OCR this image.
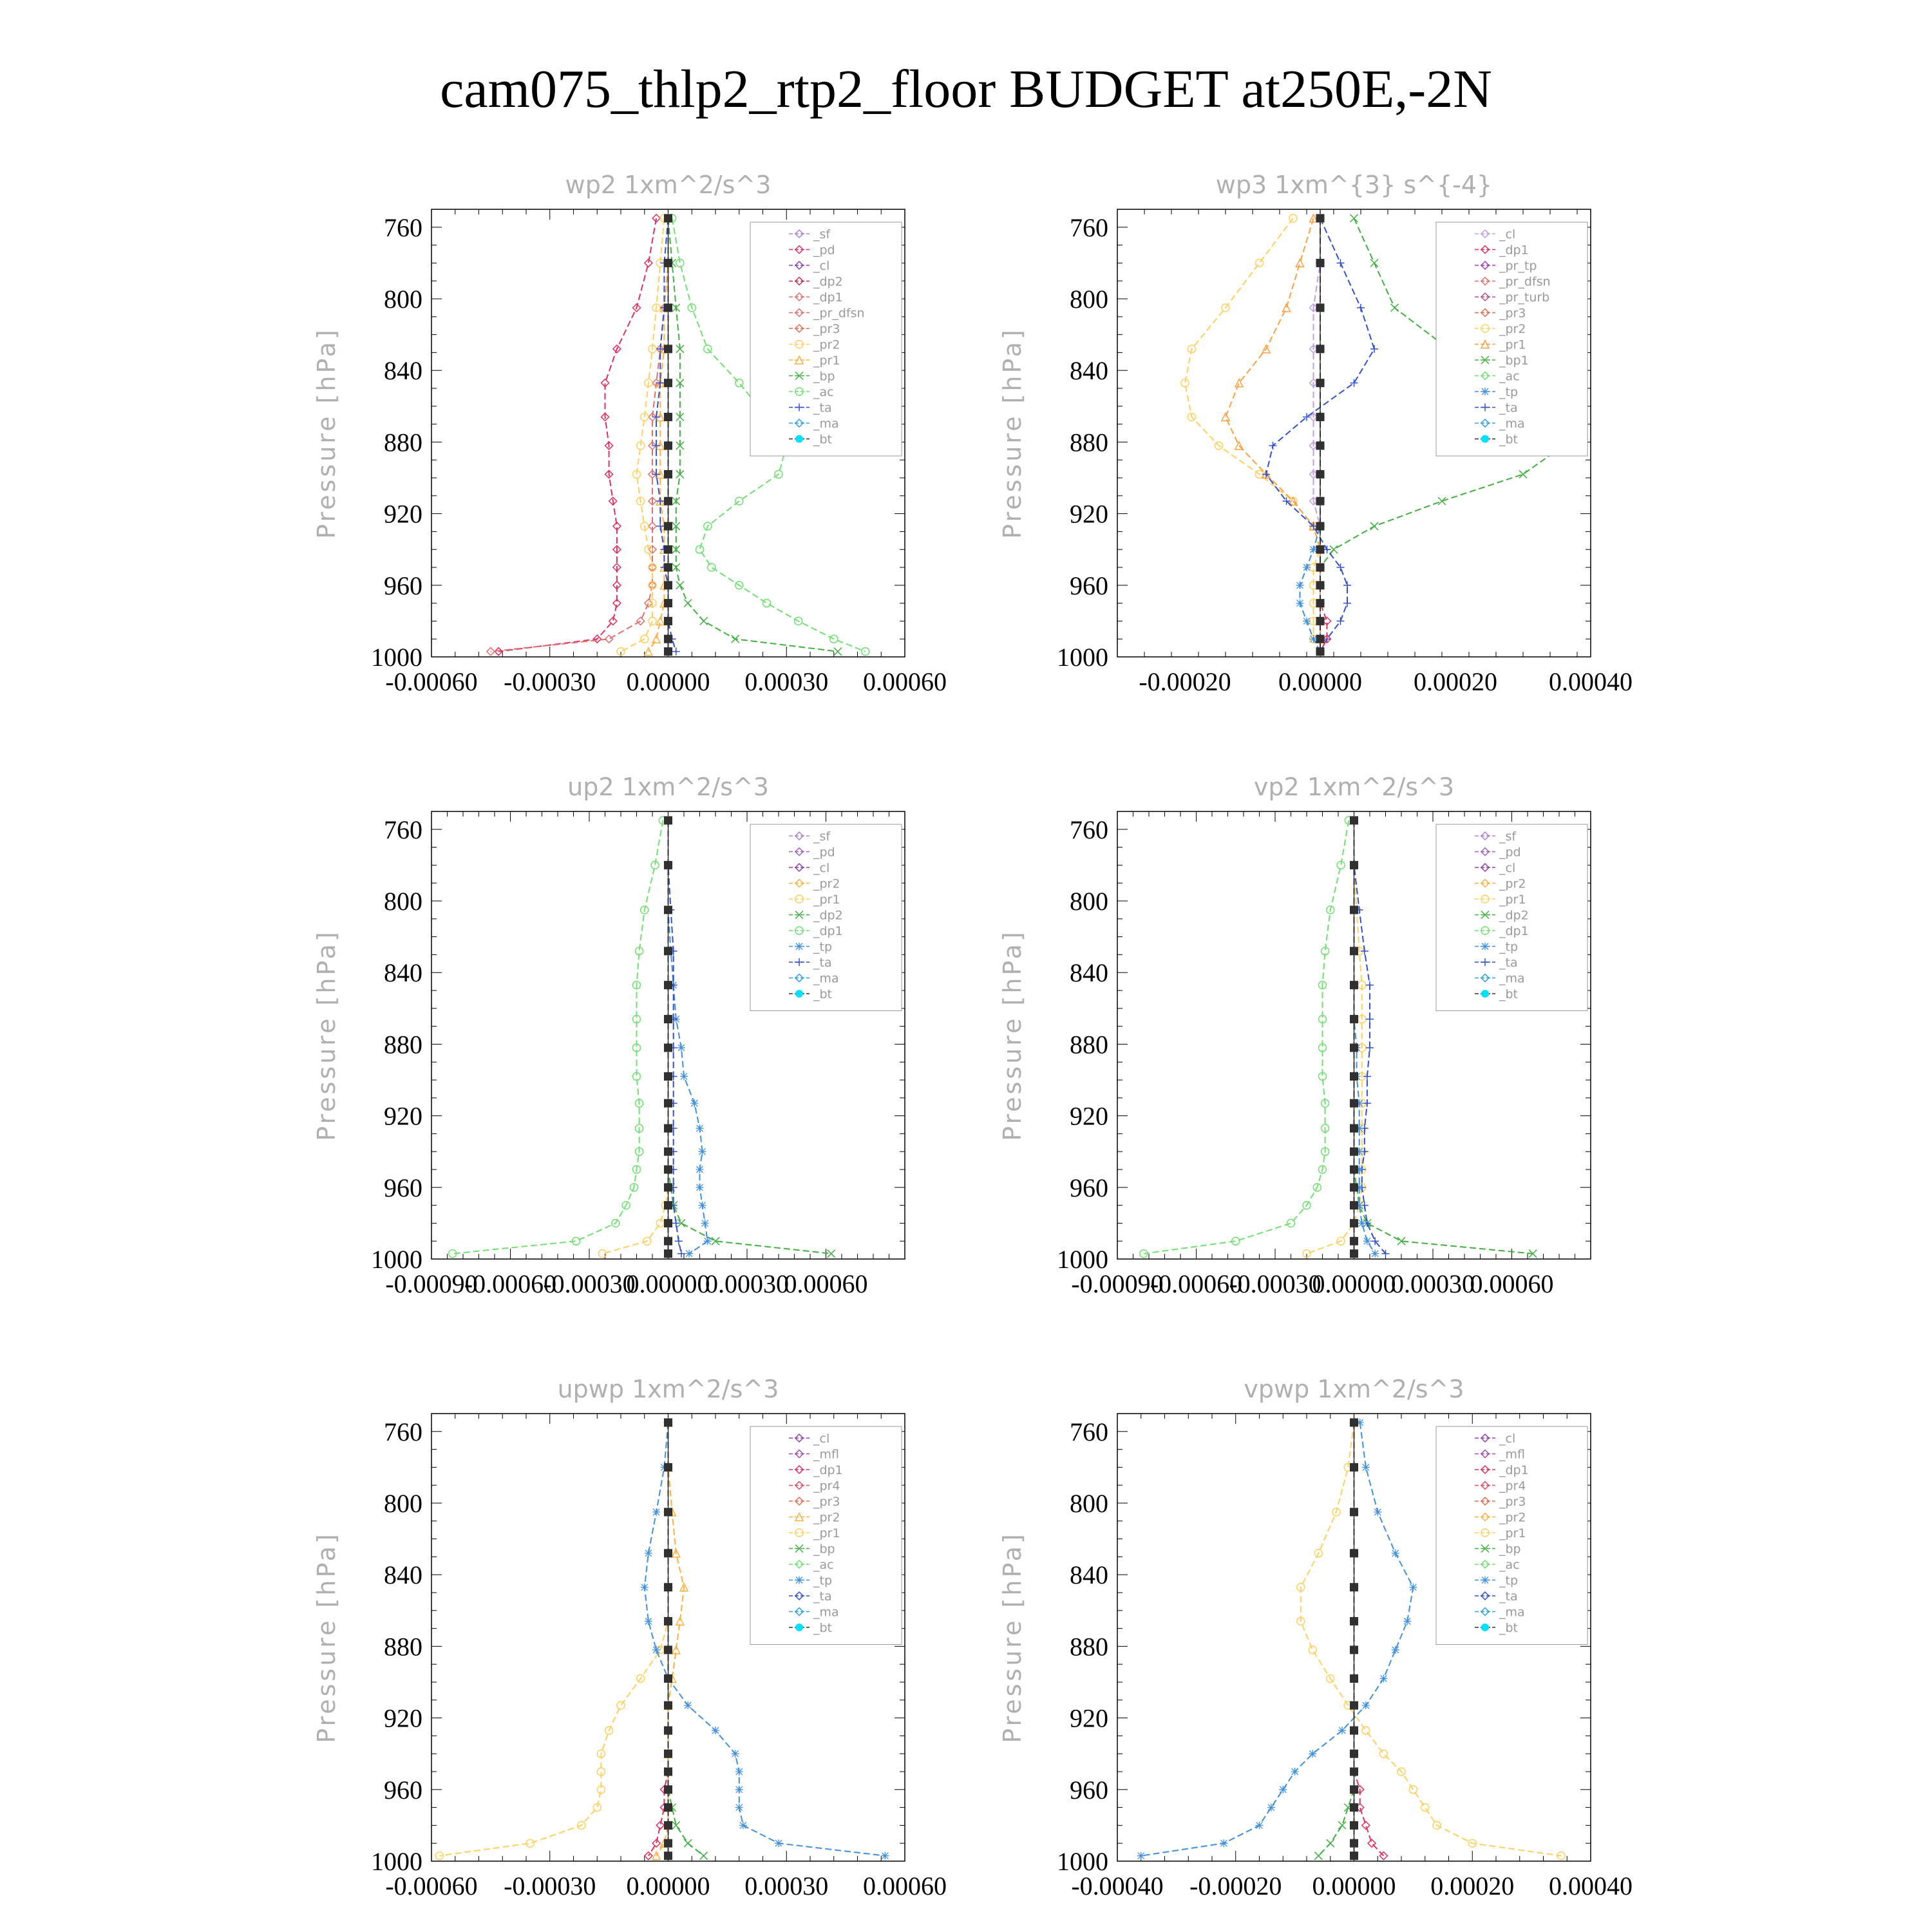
cam075_thlp2_rtp2_floor BUDGET at250E,-2N
wp2 1xm^2/s^3
Pressure [hPa]
760
800
840
880
920
960
1000
-0.00060 -0.00030 0.00000 0.00030 0.00060
_sf
_pd
_cl
_dp2
_dp1
_pr_dfsn
_pr3
_pr2
_pr1
_bp
_ac
_ta
_ma
_bt
wp3 1xm^{3} s^{-4}
Pressure [hPa]
760
800
840
880
920
960
1000
-0.00020 0.00000 0.00020 0.00040
_cl
_dp1
_pr_tp
_pr_dfsn
_pr_turb
_pr3
_pr2
_pr1
_bp1
_ac
_tp
_ta
_ma
_bt
up2 1xm^2/s^3
Pressure [hPa]
760
800
840
880
920
960
1000
-0.00090
-0.00060
-0.00030
0.00000
0.00030
0.00060
_sf
_pd
_cl
_pr2
_pr1
_dp2
_dp1
_tp
_ta
_ma
_bt
vp2 1xm^2/s^3
Pressure [hPa]
760
800
840
880
920
960
1000
-0.00090
-0.00060
-0.00030
0.00000
0.00030
0.00060
_sf
_pd
_cl
_pr2
_pr1
_dp2
_dp1
_tp
_ta
_ma
_bt
upwp 1xm^2/s^3
Pressure [hPa]
760
800
840
880
920
960
1000
-0.00060 -0.00030 0.00000 0.00030 0.00060
_cl
_mfl
_dp1
_pr4
_pr3
_pr2
_pr1
_bp
_ac
_tp
_ta
_ma
_bt
vpwp 1xm^2/s^3
Pressure [hPa]
760
800
840
880
920
960
1000
-0.00040 -0.00020 0.00000 0.00020 0.00040
_cl
_mfl
_dp1
_pr4
_pr3
_pr2
_pr1
_bp
_ac
_tp
_ta
_ma
_bt
